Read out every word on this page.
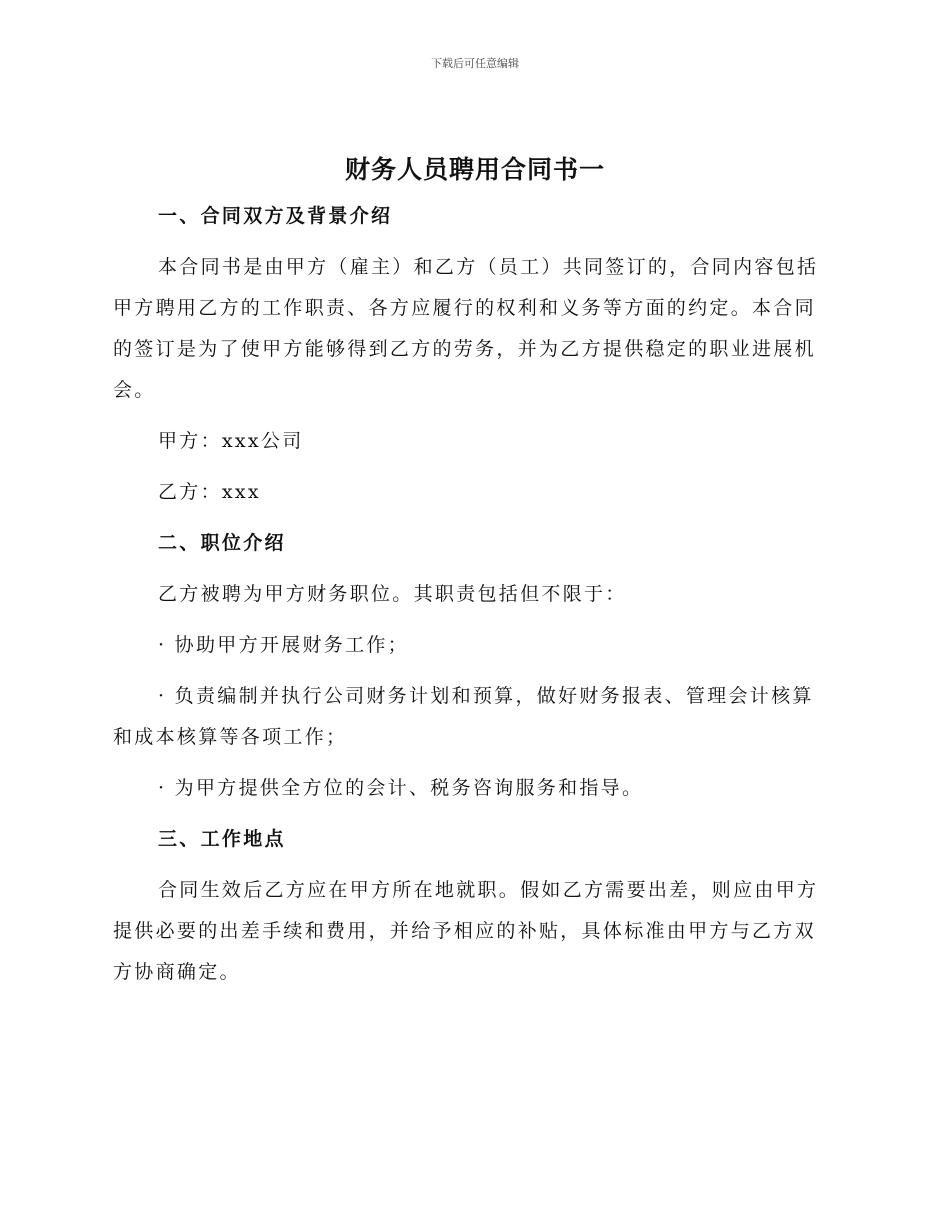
下载后可任意编辑
财务人员聘用合同书一

一、合同双方及背景介绍

本合同书是由甲方（雇主）和乙方（员工）共同签订的，合同内容包括甲方聘用乙方的工作职责、各方应履行的权利和义务等方面的约定。本合同的签订是为了使甲方能够得到乙方的劳务，并为乙方提供稳定的职业进展机会。

甲方：xxx公司

乙方：xxx

二、职位介绍

乙方被聘为甲方财务职位。其职责包括但不限于：

· 协助甲方开展财务工作；

· 负责编制并执行公司财务计划和预算，做好财务报表、管理会计核算和成本核算等各项工作；

· 为甲方提供全方位的会计、税务咨询服务和指导。

三、工作地点

合同生效后乙方应在甲方所在地就职。假如乙方需要出差，则应由甲方提供必要的出差手续和费用，并给予相应的补贴，具体标准由甲方与乙方双方协商确定。
